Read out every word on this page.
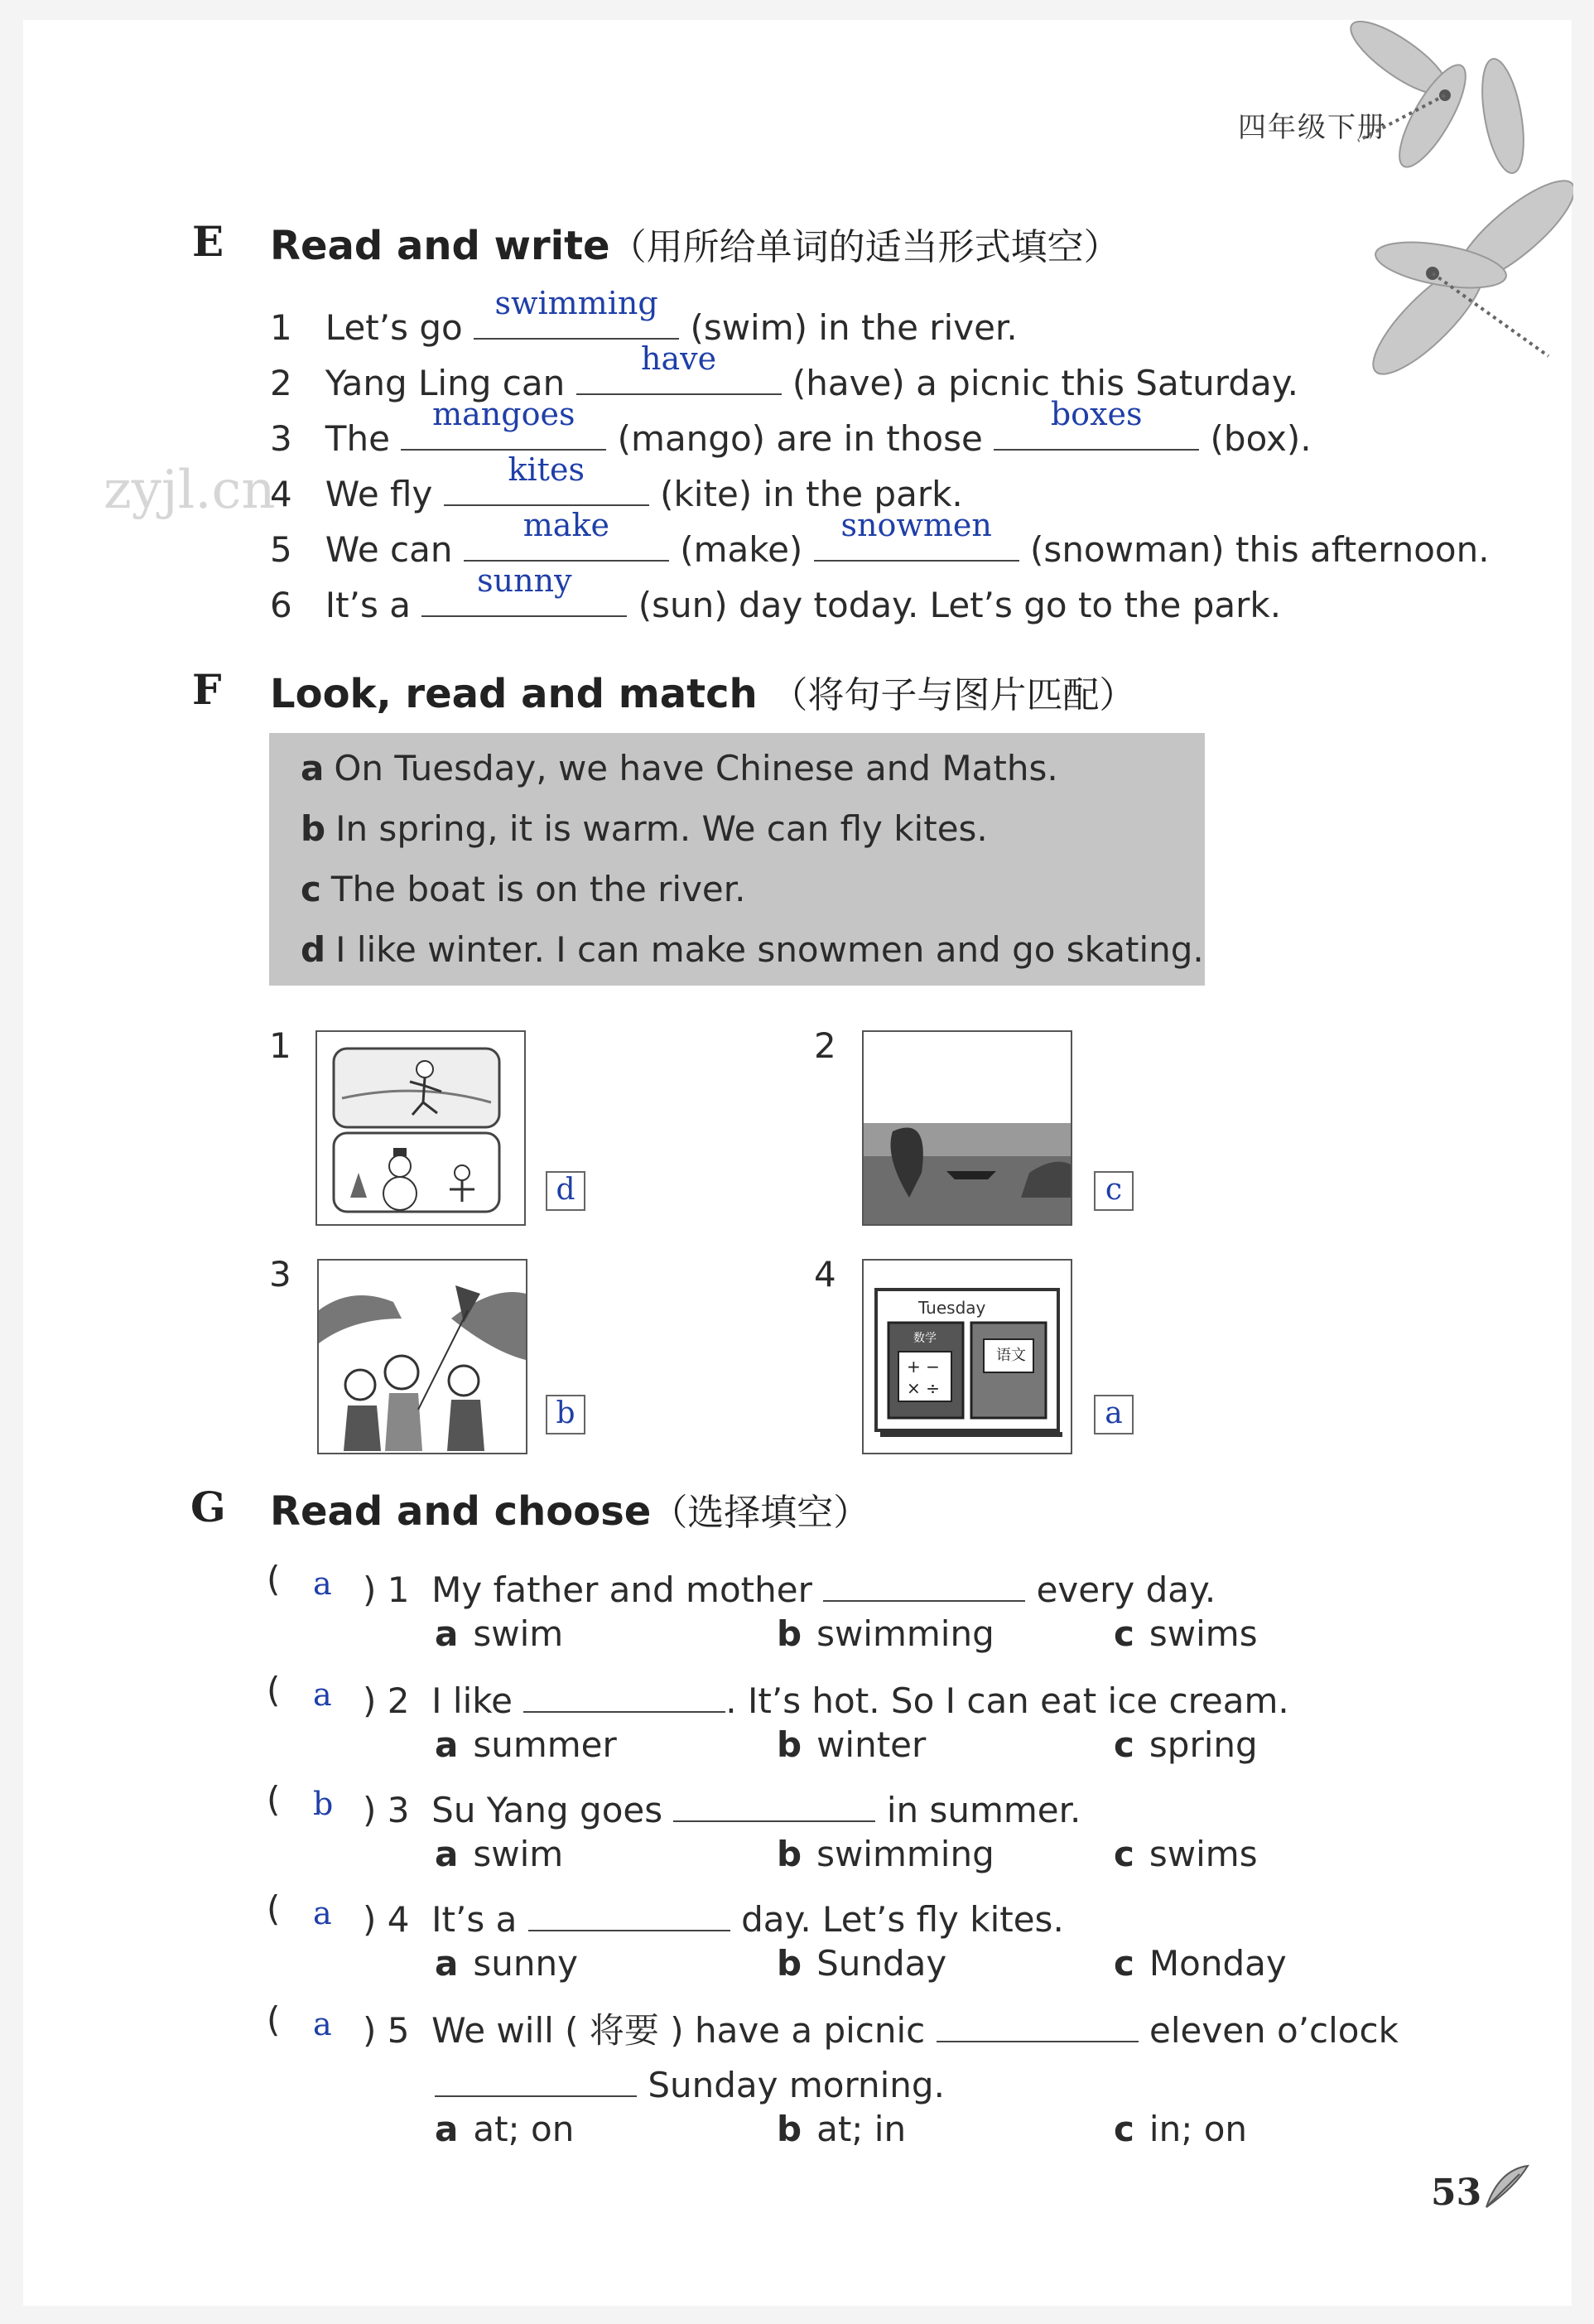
四年级下册
zyjl.cn
E Read and write（用所给单词的适当形式填空）
1 Let’s go
swimming
(swim) in the river.
2 Yang Ling can
have
(have) a picnic this Saturday.
3 The
mangoes
(mango) are in those
boxes
(box).
4 We fly
kites
(kite) in the park.
5 We can
make
(make)
snowmen
(snowman) this afternoon.
6 It’s a
sunny
(sun) day today. Let’s go to the park.
F Look, read and match （将句子与图片匹配）
a On Tuesday, we have Chinese and Maths.
b In spring, it is warm. We can fly kites.
c The boat is on the river.
d I like winter. I can make snowmen and go skating.
1
d
2
c
3
b
4
Tuesday
数学
语文
+ −
× ÷
a
G Read and choose（选择填空）
( a ) 1 My father and mother	every day.
a swim	b swimming	c swims
( a ) 2 I like	. It’s hot. So I can eat ice cream.
a summer	b winter	c spring
( b ) 3 Su Yang goes	in summer.
a swim	b swimming	c swims
( a ) 4 It’s a	day. Let’s fly kites.
a sunny	b Sunday	c Monday
( a ) 5 We will ( 将要 ) have a picnic	eleven o’clock
Sunday morning.
a at; on	b at; in	c in; on
53
